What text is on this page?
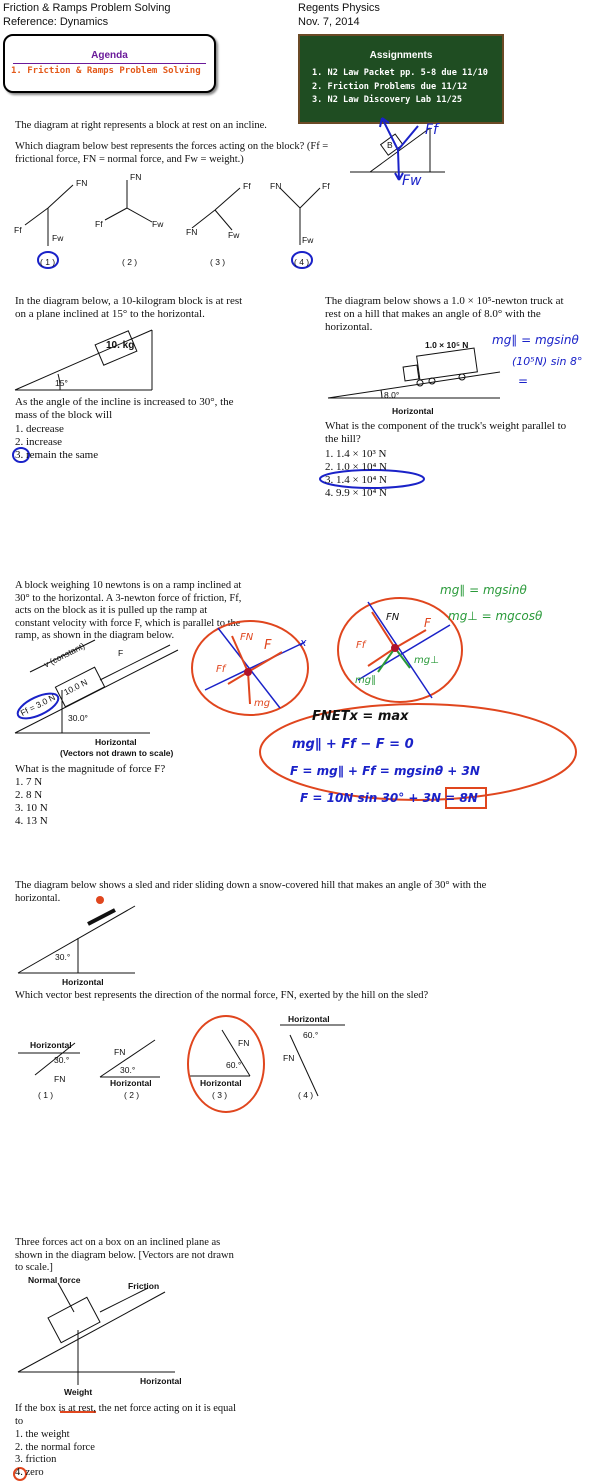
Friction & Ramps Problem Solving
Reference: Dynamics
Regents Physics
Nov. 7, 2014
Agenda
1. Friction & Ramps Problem Solving
Assignments
1. N2 Law Packet pp. 5-8 due 11/10
2. Friction Problems due 11/12
3. N2 Law Discovery Lab 11/25
The diagram at right represents a block at rest on an incline.
Which diagram below best represents the forces acting on the block? (Ff = frictional force, FN = normal force, and Fw = weight.)
FN
Ff
Fw
FN
Ff	Fw
Ff
FN	Fw
FN	Ff
Fw
B
Ff
Fw
( 1 )	( 2 )	( 3 )	( 4 )
In the diagram below, a 10-kilogram block is at rest on a plane inclined at 15° to the horizontal.
10. kg
15°
As the angle of the incline is increased to 30°, the mass of the block will
1. decrease
2. increase
3. remain the same
The diagram below shows a 1.0 × 10⁵-newton truck at rest on a hill that makes an angle of 8.0° with the horizontal.
1.0 × 10⁵ N
8.0°
Horizontal
mg∥ = mgsinθ
(10⁵N) sin 8°
=
What is the component of the truck's weight parallel to the hill?
1. 1.4 × 10³ N
2. 1.0 × 10⁴ N
3. 1.4 × 10⁴ N
4. 9.9 × 10⁴ N
A block weighing 10 newtons is on a ramp inclined at 30° to the horizontal. A 3-newton force of friction, Ff, acts on the block as it is pulled up the ramp at constant velocity with force F, which is parallel to the ramp, as shown in the diagram below.
v (constant)	F
10.0 N
Ff = 3.0 N
30.0°
Horizontal
(Vectors not drawn to scale)
What is the magnitude of force F?
1. 7 N
2. 8 N
3. 10 N
4. 13 N
FN
F	x
Ff
mg
FN F
Ff
mg⊥
mg∥
mg∥ = mgsinθ
mg⊥ = mgcosθ
FNETx = max
mg∥ + Ff − F = 0
F = mg∥ + Ff = mgsinθ + 3N
F = 10N sin 30° + 3N = 8N
The diagram below shows a sled and rider sliding down a snow-covered hill that makes an angle of 30° with the horizontal.
30.°
Horizontal
Which vector best represents the direction of the normal force, FN, exerted by the hill on the sled?
Horizontal
30.°
FN
( 1 )
FN
30.°
Horizontal
( 2 )
FN
60.°
Horizontal
( 3 )
Horizontal
60.°
FN
( 4 )
Three forces act on a box on an inclined plane as shown in the diagram below. [Vectors are not drawn to scale.]
Normal force
Friction
Weight
Horizontal
If the box is at rest, the net force acting on it is equal to
1. the weight
2. the normal force
3. friction
4. zero
